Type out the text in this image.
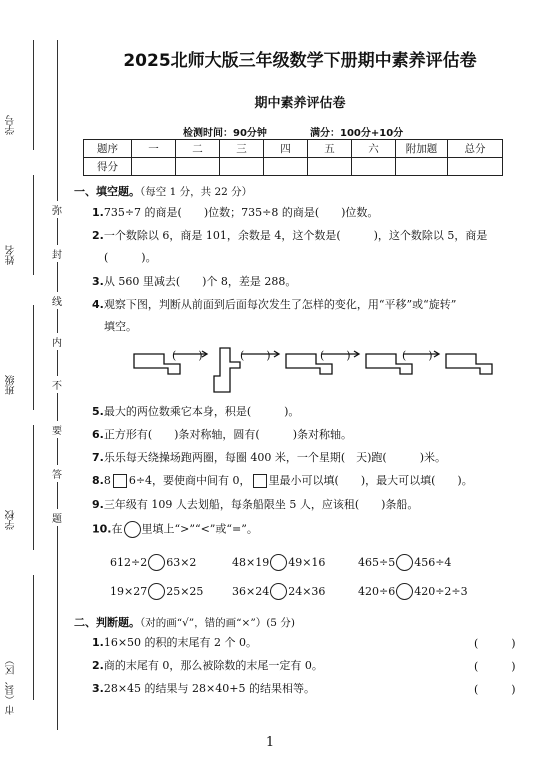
学号
姓名
班级
学校
市（县、区）
弥
封
线
内
不
要
答
题
2025北师大版三年级数学下册期中素养评估卷
期中素养评估卷
检测时间：90分钟	满分：100分+10分
题序	一	二	三	四	五	六	附加题	总分
得分								
一、填空题。（每空 1 分，共 22 分）
1.735÷7 的商是(　　)位数；735÷8 的商是(　　)位数。
2.一个数除以 6，商是 101，余数是 4，这个数是(　　　)，这个数除以 5，商是
(　　　)。
3.从 560 里减去(　　)个 8，差是 288。
4.观察下图，判断从前面到后面每次发生了怎样的变化，用“平移”或“旋转”
填空。
(　　)	(　　)	(　　)	(　　)
5.最大的两位数乘它本身，积是(　　　)。
6.正方形有(　　)条对称轴，圆有(　　　)条对称轴。
7.乐乐每天绕操场跑两圈，每圈 400 米，一个星期(　天)跑(　　　)米。
8.8 6÷4，要使商中间有 0， 里最小可以填(　　)，最大可以填(　　)。
9.三年级有 109 人去划船，每条船限坐 5 人，应该租(　　)条船。
10.在 里填上“>”“<”或“=”。
612÷2 63×2	48×19 49×16	465÷5 456÷4
19×27 25×25	36×24 24×36	420÷6 420÷2÷3
二、判断题。（对的画“√”，错的画“×”）(5 分)
1.16×50 的积的末尾有 2 个 0。	(　　　)
2.商的末尾有 0，那么被除数的末尾一定有 0。	(　　　)
3.28×45 的结果与 28×40+5 的结果相等。	(　　　)
1
